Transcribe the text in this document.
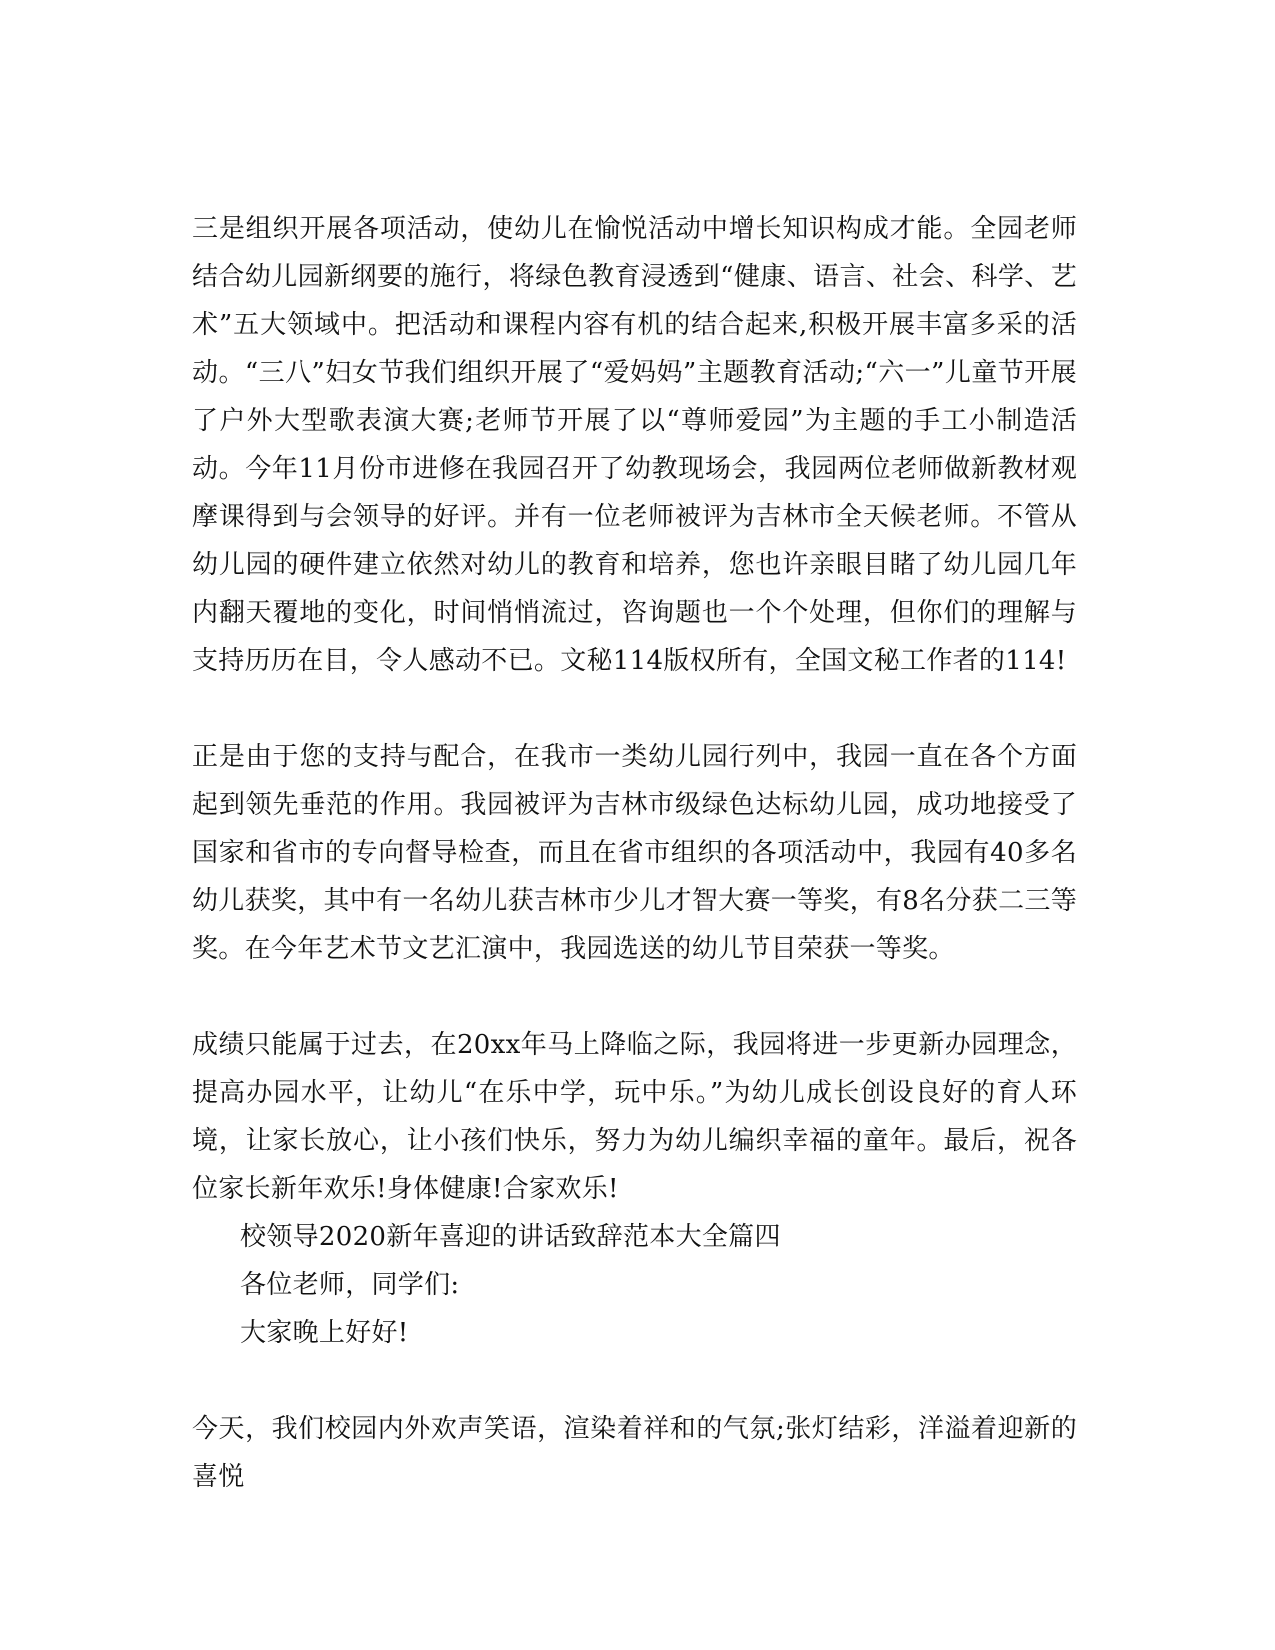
三是组织开展各项活动，使幼儿在愉悦活动中增长知识构成才能。全园老师结合幼儿园新纲要的施行，将绿色教育浸透到“健康、语言、社会、科学、艺术”五大领域中。把活动和课程内容有机的结合起来,积极开展丰富多采的活动。“三八”妇女节我们组织开展了“爱妈妈”主题教育活动;“六一”儿童节开展了户外大型歌表演大赛;老师节开展了以“尊师爱园”为主题的手工小制造活动。今年11月份市进修在我园召开了幼教现场会，我园两位老师做新教材观摩课得到与会领导的好评。并有一位老师被评为吉林市全天候老师。不管从幼儿园的硬件建立依然对幼儿的教育和培养，您也许亲眼目睹了幼儿园几年内翻天覆地的变化，时间悄悄流过，咨询题也一个个处理，但你们的理解与支持历历在目，令人感动不已。文秘114版权所有，全国文秘工作者的114!

正是由于您的支持与配合，在我市一类幼儿园行列中，我园一直在各个方面起到领先垂范的作用。我园被评为吉林市级绿色达标幼儿园，成功地接受了国家和省市的专向督导检查，而且在省市组织的各项活动中，我园有40多名幼儿获奖，其中有一名幼儿获吉林市少儿才智大赛一等奖，有8名分获二三等奖。在今年艺术节文艺汇演中，我园选送的幼儿节目荣获一等奖。

成绩只能属于过去，在20xx年马上降临之际，我园将进一步更新办园理念，提高办园水平，让幼儿“在乐中学，玩中乐。”为幼儿成长创设良好的育人环境，让家长放心，让小孩们快乐，努力为幼儿编织幸福的童年。最后，祝各位家长新年欢乐!身体健康!合家欢乐!

校领导2020新年喜迎的讲话致辞范本大全篇四

各位老师，同学们:

大家晚上好好!

今天，我们校园内外欢声笑语，渲染着祥和的气氛;张灯结彩，洋溢着迎新的喜悦
